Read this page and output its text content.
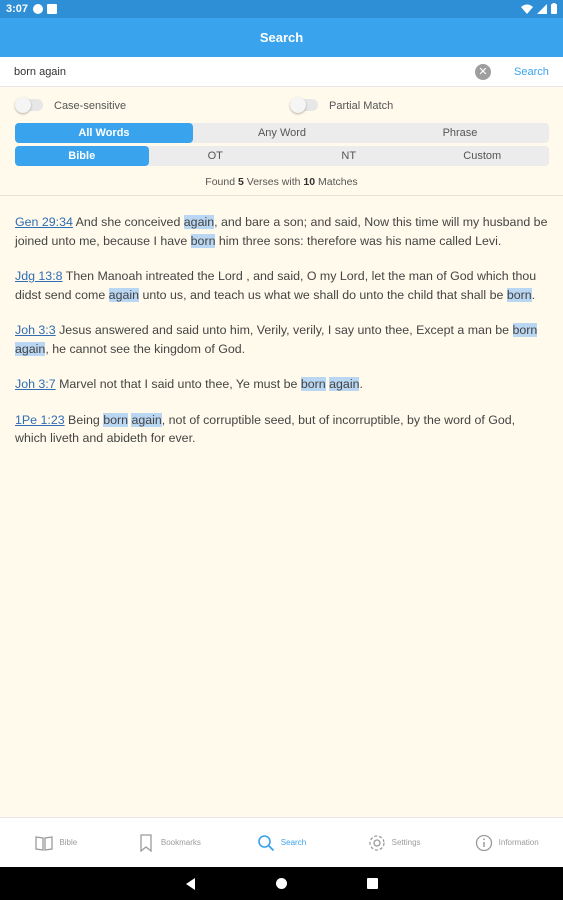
3:07
Search
born again
✕	Search
Case-sensitive	Partial Match
All Words	Any Word	Phrase
Bible	OT	NT	Custom
Found 5 Verses with 10 Matches

Gen 29:34 And she conceived again, and bare a son; and said, Now this time will my husband be joined unto me, because I have born him three sons: therefore was his name called Levi.

Jdg 13:8 Then Manoah intreated the Lord , and said, O my Lord, let the man of God which thou didst send come again unto us, and teach us what we shall do unto the child that shall be born.

Joh 3:3 Jesus answered and said unto him, Verily, verily, I say unto thee, Except a man be born again, he cannot see the kingdom of God.

Joh 3:7 Marvel not that I said unto thee, Ye must be born again.

1Pe 1:23 Being born again, not of corruptible seed, but of incorruptible, by the word of God, which liveth and abideth for ever.

Bible	Bookmarks	Search	Settings	Information
